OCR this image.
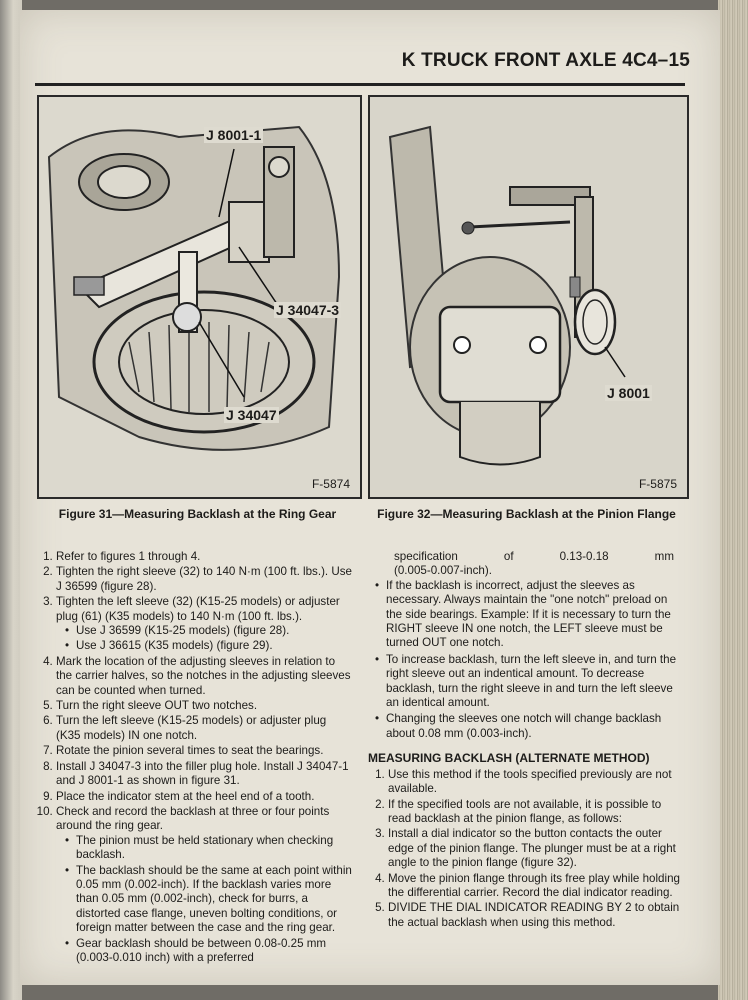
K TRUCK FRONT AXLE 4C4–15
J 8001-1
J 34047-3
J 34047
F-5874
J 8001
F-5875
Figure 31—Measuring Backlash at the Ring Gear	Figure 32—Measuring Backlash at the Pinion Flange
1. Refer to figures 1 through 4.
2. Tighten the right sleeve (32) to 140 N·m (100 ft. lbs.). Use J 36599 (figure 28).
3. Tighten the left sleeve (32) (K15-25 models) or adjuster plug (61) (K35 models) to 140 N·m (100 ft. lbs.).
• Use J 36599 (K15-25 models) (figure 28).
• Use J 36615 (K35 models) (figure 29).
4. Mark the location of the adjusting sleeves in relation to the carrier halves, so the notches in the adjusting sleeves can be counted when turned.
5. Turn the right sleeve OUT two notches.
6. Turn the left sleeve (K15-25 models) or adjuster plug (K35 models) IN one notch.
7. Rotate the pinion several times to seat the bearings.
8. Install J 34047-3 into the filler plug hole. Install J 34047-1 and J 8001-1 as shown in figure 31.
9. Place the indicator stem at the heel end of a tooth.
10. Check and record the backlash at three or four points around the ring gear.
• The pinion must be held stationary when checking backlash.
• The backlash should be the same at each point within 0.05 mm (0.002-inch). If the backlash varies more than 0.05 mm (0.002-inch), check for burrs, a distorted case flange, uneven bolting conditions, or foreign matter between the case and the ring gear.
• Gear backlash should be between 0.08-0.25 mm (0.003-0.010 inch) with a preferred
specification	of	0.13-0.18	mm
(0.005-0.007-inch).
• If the backlash is incorrect, adjust the sleeves as necessary. Always maintain the "one notch" preload on the side bearings. Example: If it is necessary to turn the RIGHT sleeve IN one notch, the LEFT sleeve must be turned OUT one notch.
• To increase backlash, turn the left sleeve in, and turn the right sleeve out an indentical amount. To decrease backlash, turn the right sleeve in and turn the left sleeve an identical amount.
• Changing the sleeves one notch will change backlash about 0.08 mm (0.003-inch).
MEASURING BACKLASH (ALTERNATE METHOD)
1. Use this method if the tools specified previously are not available.
2. If the specified tools are not available, it is possible to read backlash at the pinion flange, as follows:
3. Install a dial indicator so the button contacts the outer edge of the pinion flange. The plunger must be at a right angle to the pinion flange (figure 32).
4. Move the pinion flange through its free play while holding the differential carrier. Record the dial indicator reading.
5. DIVIDE THE DIAL INDICATOR READING BY 2 to obtain the actual backlash when using this method.
